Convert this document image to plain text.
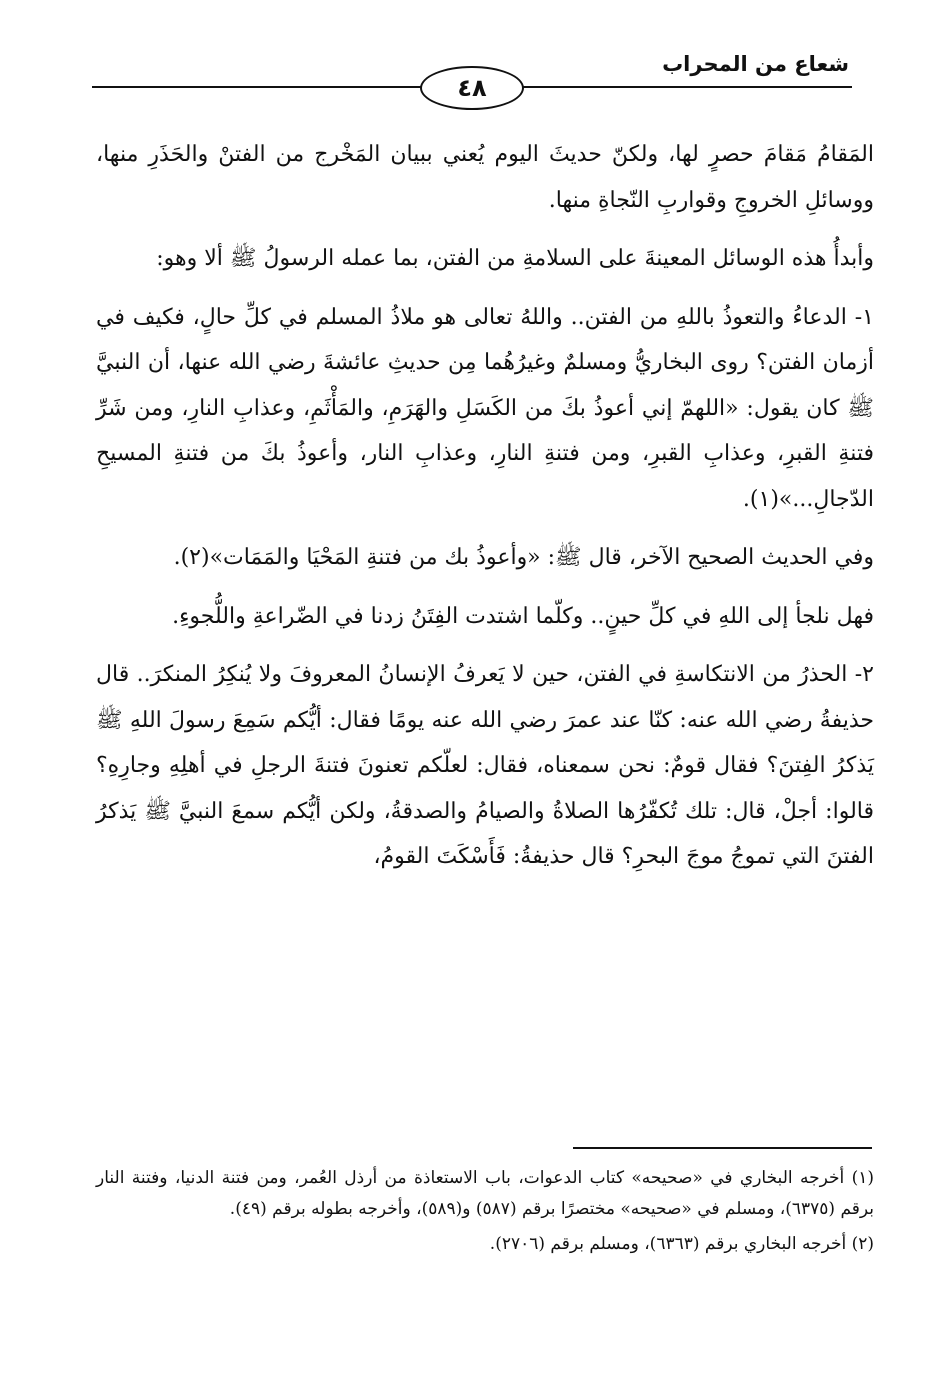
شعاع من المحراب
٤٨

المَقامُ مَقامَ حصرٍ لها، ولكنّ حديثَ اليوم يُعني ببيان المَخْرج من الفتنْ والحَذَرِ منها، ووسائلِ الخروجِ وقواربِ النّجاةِ منها.

وأبدأُ هذه الوسائل المعينةَ على السلامةِ من الفتن، بما عمله الرسولُ ﷺ ألا وهو:

١- الدعاءُ والتعوذُ باللهِ من الفتن.. واللهُ تعالى هو ملاذُ المسلم في كلِّ حالٍ، فكيف في أزمان الفتن؟ روى البخاريُّ ومسلمٌ وغيرُهُما مِن حديثِ عائشةَ رضي الله عنها، أن النبيَّ ﷺ كان يقول: «اللهمّ إني أعوذُ بكَ من الكَسَلِ والهَرَمِ، والمَأْثَمِ، وعذابِ النارِ، ومن شَرِّ فتنةِ القبرِ، وعذابِ القبرِ، ومن فتنةِ النارِ، وعذابِ النار، وأعوذُ بكَ من فتنةِ المسيحِ الدّجالِ...»(١).

وفي الحديث الصحيح الآخر، قال ﷺ: «وأعوذُ بك من فتنةِ المَحْيَا والمَمَات»(٢).

فهل نلجأ إلى اللهِ في كلِّ حينٍ.. وكلّما اشتدت الفِتَنُ زدنا في الضّراعةِ واللُّجوءِ.

٢- الحذرُ من الانتكاسةِ في الفتن، حين لا يَعرفُ الإنسانُ المعروفَ ولا يُنكِرُ المنكرَ.. قال حذيفةُ رضي الله عنه: كنّا عند عمرَ رضي الله عنه يومًا فقال: أيُّكم سَمِعَ رسولَ اللهِ ﷺ يَذكرُ الفِتنَ؟ فقال قومٌ: نحن سمعناه، فقال: لعلّكم تعنونَ فتنةَ الرجلِ في أهلِهِ وجارِهِ؟ قالوا: أجلْ، قال: تلك تُكفّرُها الصلاةُ والصيامُ والصدقةُ، ولكن أيُّكم سمعَ النبيَّ ﷺ يَذكرُ الفتنَ التي تموجُ موجَ البحرِ؟ قال حذيفةُ: فَأَسْكَتَ القومُ،

(١) أخرجه البخاري في «صحيحه» كتاب الدعوات، باب الاستعاذة من أرذل العُمر، ومن فتنة الدنيا، وفتنة النار برقم (٦٣٧٥)، ومسلم في «صحيحه» مختصرًا برقم (٥٨٧) و(٥٨٩)، وأخرجه بطوله برقم (٤٩).

(٢) أخرجه البخاري برقم (٦٣٦٣)، ومسلم برقم (٢٧٠٦).
